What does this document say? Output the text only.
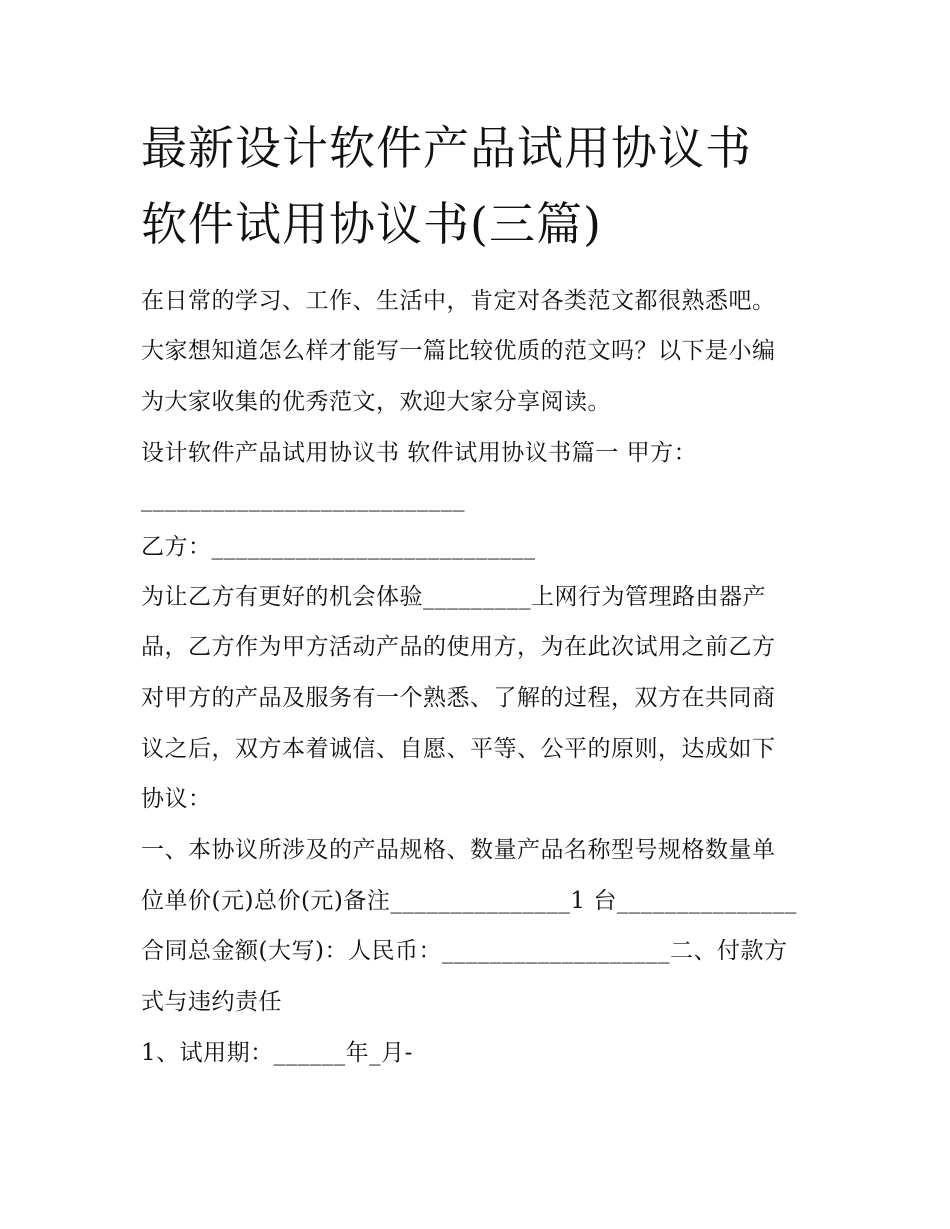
最新设计软件产品试用协议书
软件试用协议书(三篇)
在日常的学习、工作、生活中，肯定对各类范文都很熟悉吧。
大家想知道怎么样才能写一篇比较优质的范文吗？以下是小编
为大家收集的优秀范文，欢迎大家分享阅读。
设计软件产品试用协议书 软件试用协议书篇一 甲方：
___________________________
乙方：___________________________
为让乙方有更好的机会体验_________上网行为管理路由器产
品，乙方作为甲方活动产品的使用方，为在此次试用之前乙方
对甲方的产品及服务有一个熟悉、了解的过程，双方在共同商
议之后，双方本着诚信、自愿、平等、公平的原则，达成如下
协议：
一、本协议所涉及的产品规格、数量产品名称型号规格数量单
位单价(元)总价(元)备注_______________1 台_______________
合同总金额(大写)：人民币：___________________二、付款方
式与违约责任
1、试用期：______年_月-
